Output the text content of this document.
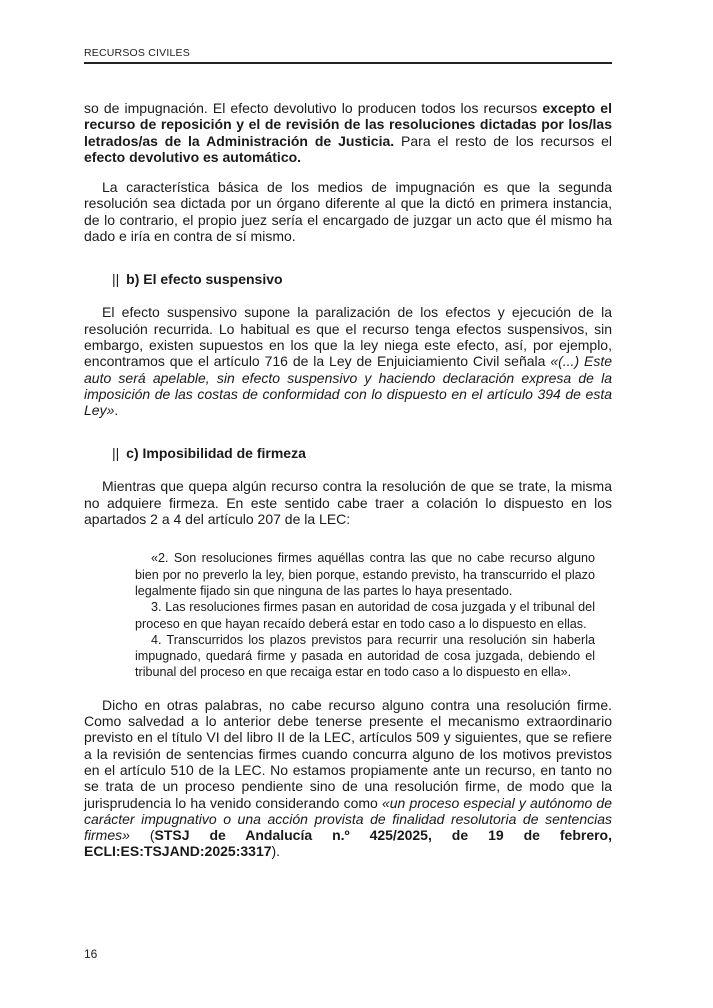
RECURSOS CIVILES

so de impugnación. El efecto devolutivo lo producen todos los recursos excepto el recurso de reposición y el de revisión de las resoluciones dictadas por los/las letrados/as de la Administración de Justicia. Para el resto de los recursos el efecto devolutivo es automático.

La característica básica de los medios de impugnación es que la segunda resolución sea dictada por un órgano diferente al que la dictó en primera instancia, de lo contrario, el propio juez sería el encargado de juzgar un acto que él mismo ha dado e iría en contra de sí mismo.

|| b) El efecto suspensivo

El efecto suspensivo supone la paralización de los efectos y ejecución de la resolución recurrida. Lo habitual es que el recurso tenga efectos suspensivos, sin embargo, existen supuestos en los que la ley niega este efecto, así, por ejemplo, encontramos que el artículo 716 de la Ley de Enjuiciamiento Civil señala «(...) Este auto será apelable, sin efecto suspensivo y haciendo declaración expresa de la imposición de las costas de conformidad con lo dispuesto en el artículo 394 de esta Ley».

|| c) Imposibilidad de firmeza

Mientras que quepa algún recurso contra la resolución de que se trate, la misma no adquiere firmeza. En este sentido cabe traer a colación lo dispuesto en los apartados 2 a 4 del artículo 207 de la LEC:

«2. Son resoluciones firmes aquéllas contra las que no cabe recurso alguno bien por no preverlo la ley, bien porque, estando previsto, ha transcurrido el plazo legalmente fijado sin que ninguna de las partes lo haya presentado.

3. Las resoluciones firmes pasan en autoridad de cosa juzgada y el tribunal del proceso en que hayan recaído deberá estar en todo caso a lo dispuesto en ellas.

4. Transcurridos los plazos previstos para recurrir una resolución sin haberla impugnado, quedará firme y pasada en autoridad de cosa juzgada, debiendo el tribunal del proceso en que recaiga estar en todo caso a lo dispuesto en ella».

Dicho en otras palabras, no cabe recurso alguno contra una resolución firme. Como salvedad a lo anterior debe tenerse presente el mecanismo extraordinario previsto en el título VI del libro II de la LEC, artículos 509 y siguientes, que se refiere a la revisión de sentencias firmes cuando concurra alguno de los motivos previstos en el artículo 510 de la LEC. No estamos propiamente ante un recurso, en tanto no se trata de un proceso pendiente sino de una resolución firme, de modo que la jurisprudencia lo ha venido considerando como «un proceso especial y autónomo de carácter impugnativo o una acción provista de finalidad resolutoria de sentencias firmes» (STSJ de Andalucía n.º 425/2025, de 19 de febrero, ECLI:ES:TSJAND:2025:3317).

16
